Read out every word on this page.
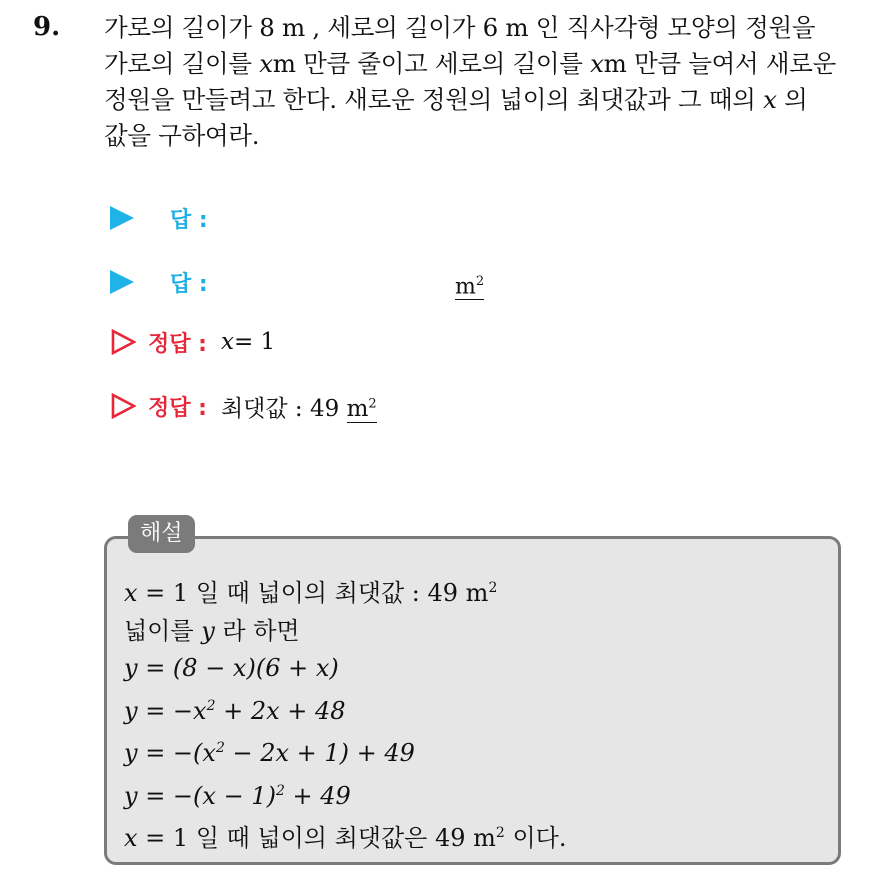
9. 가로의 길이가 8 m , 세로의 길이가 6 m 인 직사각형 모양의 정원을
가로의 길이를 xm 만큼 줄이고 세로의 길이를 xm 만큼 늘여서 새로운
정원을 만들려고 한다. 새로운 정원의 넓이의 최댓값과 그 때의 x 의
값을 구하여라.
답 :
답 :	$m^2$
정답 : x= 1
정답 : 최댓값 : 49 $m^2$
해설
x = 1 일 때 넓이의 최댓값 : 49 $m^2$
넓이를 y 라 하면
y = (8 − x)(6 + x)
$y = -x^2 + 2x + 48$
$y = -(x^2 - 2x + 1) + 49$
$y = -(x - 1)^2 + 49$
x = 1 일 때 넓이의 최댓값은 49 $m^2$ 이다.
